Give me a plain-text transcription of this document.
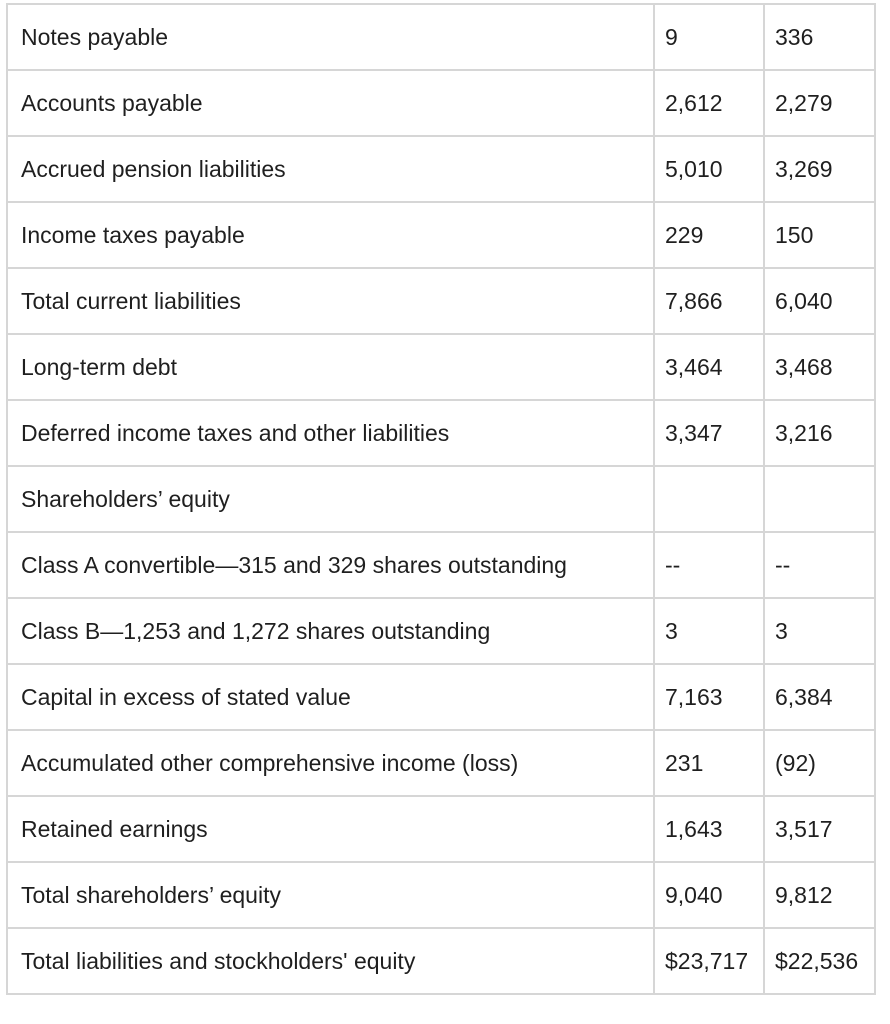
Notes payable	9	336
Accounts payable	2,612	2,279
Accrued pension liabilities	5,010	3,269
Income taxes payable	229	150
Total current liabilities	7,866	6,040
Long-term debt	3,464	3,468
Deferred income taxes and other liabilities	3,347	3,216
Shareholders’ equity		
Class A convertible—315 and 329 shares outstanding	--	--
Class B—1,253 and 1,272 shares outstanding	3	3
Capital in excess of stated value	7,163	6,384
Accumulated other comprehensive income (loss)	231	(92)
Retained earnings	1,643	3,517
Total shareholders’ equity	9,040	9,812
Total liabilities and stockholders' equity	$23,717	$22,536
